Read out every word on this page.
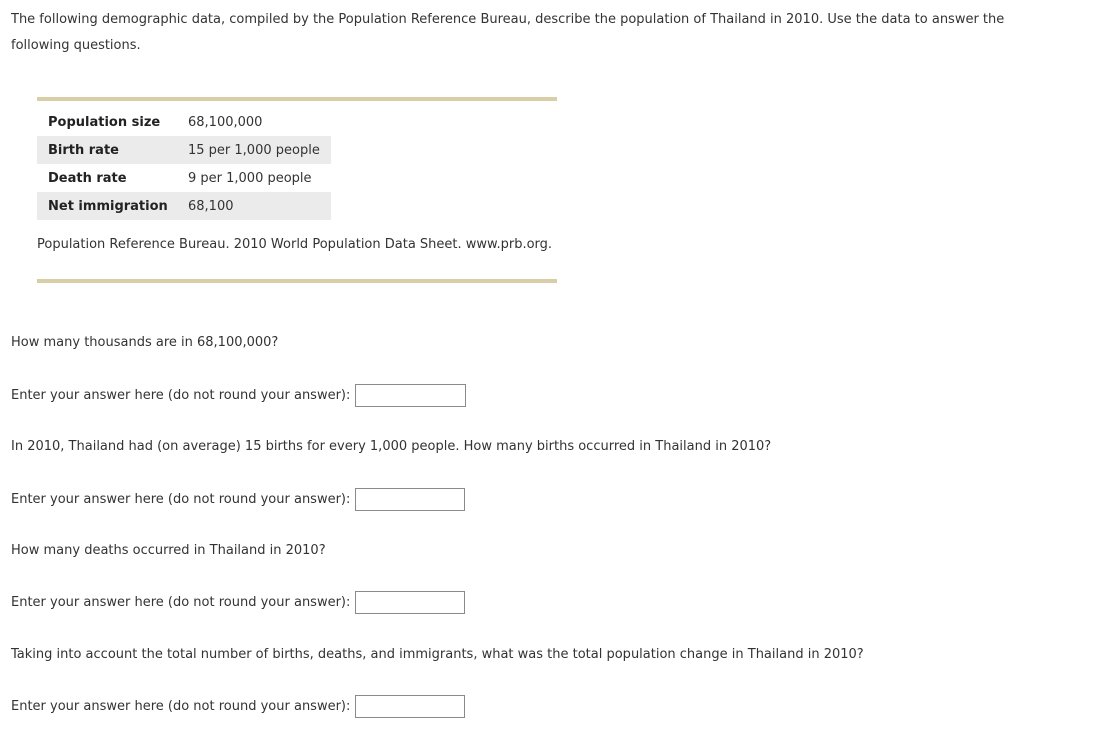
The following demographic data, compiled by the Population Reference Bureau, describe the population of Thailand in 2010. Use the data to answer the following questions.

Population size	68,100,000
Birth rate	15 per 1,000 people
Death rate	9 per 1,000 people
Net immigration	68,100

Population Reference Bureau. 2010 World Population Data Sheet. www.prb.org.

How many thousands are in 68,100,000?

Enter your answer here (do not round your answer):

In 2010, Thailand had (on average) 15 births for every 1,000 people. How many births occurred in Thailand in 2010?

Enter your answer here (do not round your answer):

How many deaths occurred in Thailand in 2010?

Enter your answer here (do not round your answer):

Taking into account the total number of births, deaths, and immigrants, what was the total population change in Thailand in 2010?

Enter your answer here (do not round your answer):
